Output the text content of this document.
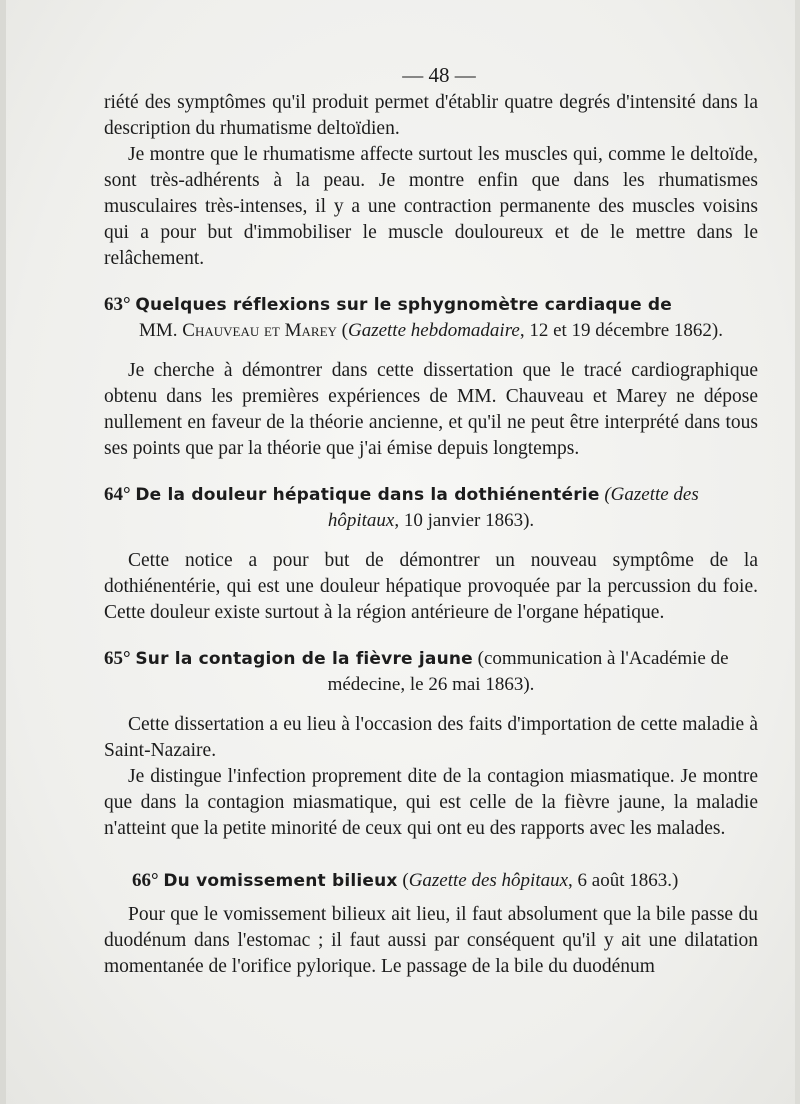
— 48 —

riété des symptômes qu'il produit permet d'établir quatre degrés d'intensité dans la description du rhumatisme deltoïdien.

Je montre que le rhumatisme affecte surtout les muscles qui, comme le deltoïde, sont très-adhérents à la peau. Je montre enfin que dans les rhumatismes musculaires très-intenses, il y a une contraction permanente des muscles voisins qui a pour but d'immobiliser le muscle douloureux et de le mettre dans le relâchement.

63° Quelques réflexions sur le sphygnomètre cardiaque de
MM. Chauveau et Marey (Gazette hebdomadaire, 12 et 19 décembre 1862).

Je cherche à démontrer dans cette dissertation que le tracé cardiographique obtenu dans les premières expériences de MM. Chauveau et Marey ne dépose nullement en faveur de la théorie ancienne, et qu'il ne peut être interprété dans tous ses points que par la théorie que j'ai émise depuis longtemps.

64° De la douleur hépatique dans la dothiénentérie (Gazette des
hôpitaux, 10 janvier 1863).

Cette notice a pour but de démontrer un nouveau symptôme de la dothiénentérie, qui est une douleur hépatique provoquée par la percussion du foie. Cette douleur existe surtout à la région antérieure de l'organe hépatique.

65° Sur la contagion de la fièvre jaune (communication à l'Académie de
médecine, le 26 mai 1863).

Cette dissertation a eu lieu à l'occasion des faits d'importation de cette maladie à Saint-Nazaire.

Je distingue l'infection proprement dite de la contagion miasmatique. Je montre que dans la contagion miasmatique, qui est celle de la fièvre jaune, la maladie n'atteint que la petite minorité de ceux qui ont eu des rapports avec les malades.

66° Du vomissement bilieux (Gazette des hôpitaux, 6 août 1863.)

Pour que le vomissement bilieux ait lieu, il faut absolument que la bile passe du duodénum dans l'estomac ; il faut aussi par conséquent qu'il y ait une dilatation momentanée de l'orifice pylorique. Le passage de la bile du duodénum
